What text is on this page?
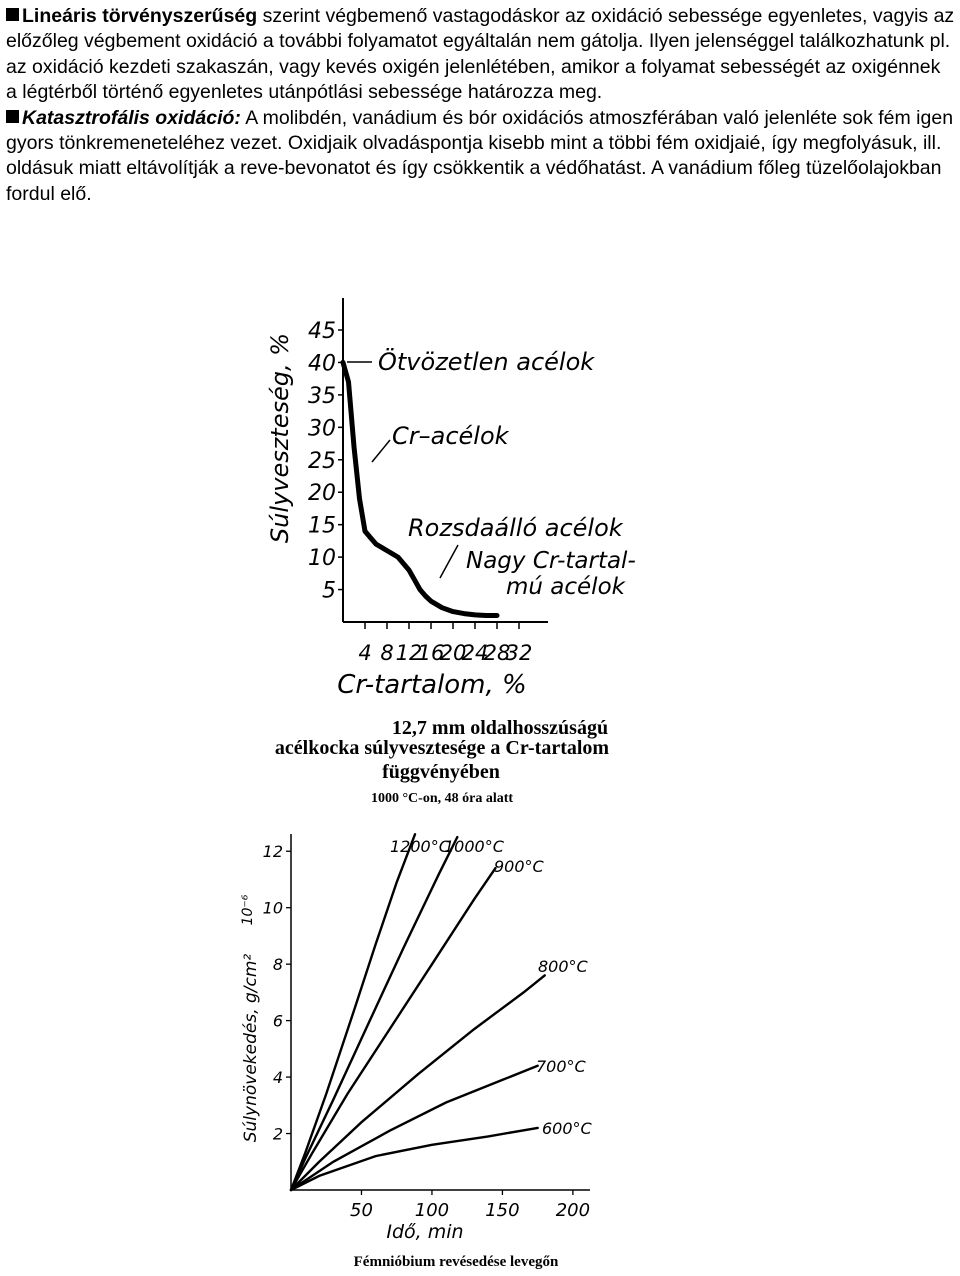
Lineáris törvényszerűség szerint végbemenő vastagodáskor az oxidáció sebessége egyenletes, vagyis az előzőleg végbement oxidáció a további folyamatot egyáltalán nem gátolja. Ilyen jelenséggel találkozhatunk pl. az oxidáció kezdeti szakaszán, vagy kevés oxigén jelenlétében, amikor a folyamat sebességét az oxigénnek a légtérből történő egyenletes utánpótlási sebessége határozza meg.

Katasztrofális oxidáció: A molibdén, vanádium és bór oxidációs atmoszférában való jelenléte sok fém igen gyors tönkremeneteléhez vezet. Oxidjaik olvadáspontja kisebb mint a többi fém oxidjaié, így megfolyásuk, ill. oldásuk miatt eltávolítják a reve-bevonatot és így csökkentik a védőhatást. A vanádium főleg tüzelőolajokban fordul elő.

5
10
15
20
25
30
35
40
45
4 8 12
16
20
24
28
32
Súlyveszteség, %
Cr-tartalom, %
Ötvözetlen acélok
Cr–acélok
Rozsdaálló acélok
Nagy Cr-tartal-
mú acélok
12,7 mm oldalhosszúságú
acélkocka súlyvesztesége a Cr-tartalom
függvényében
1000 °C-on, 48 óra alatt
2
4
6
8
10
12
50 100 150 200
1200°C
1000°C
900°C
800°C
700°C
600°C
Súlynövekedés, g/cm²
10⁻⁶
Idő, min
Fémnióbium revésedése levegőn
